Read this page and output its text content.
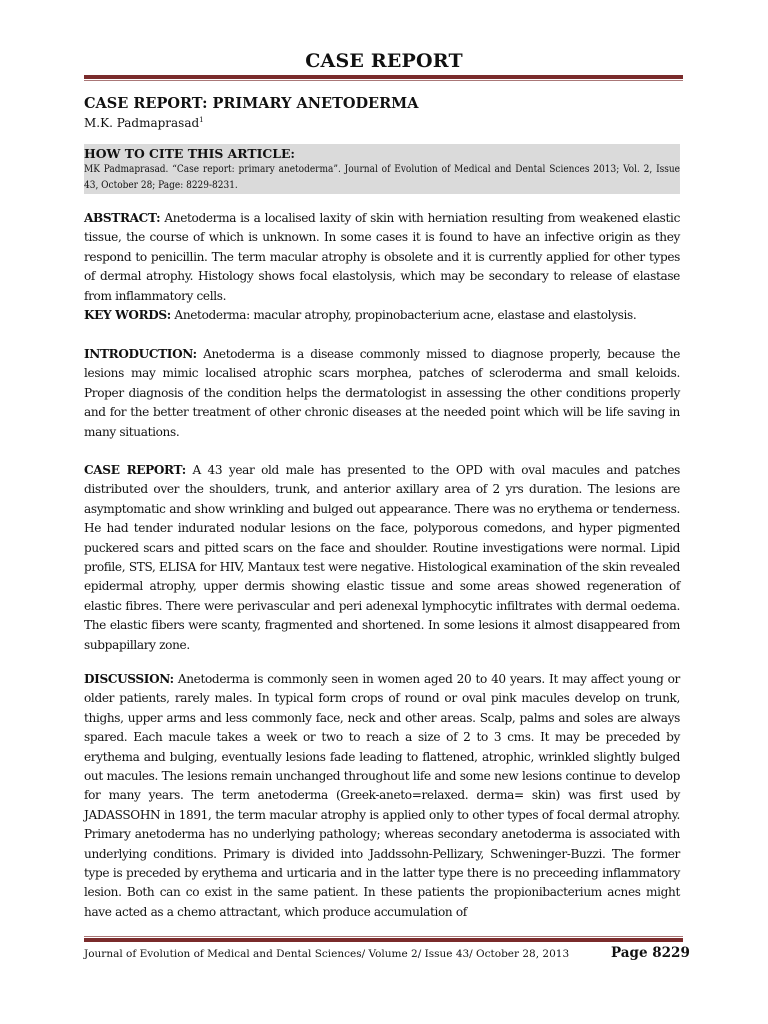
CASE REPORT
CASE REPORT: PRIMARY ANETODERMA
M.K. Padmaprasad$^1$
HOW TO CITE THIS ARTICLE:
MK Padmaprasad. “Case report: primary anetoderma”. Journal of Evolution of Medical and Dental Sciences 2013; Vol. 2, Issue 43, October 28; Page: 8229-8231.
ABSTRACT: Anetoderma is a localised laxity of skin with herniation resulting from weakened elastic tissue, the course of which is unknown. In some cases it is found to have an infective origin as they respond to penicillin. The term macular atrophy is obsolete and it is currently applied for other types of dermal atrophy. Histology shows focal elastolysis, which may be secondary to release of elastase from inflammatory cells.
KEY WORDS: Anetoderma: macular atrophy, propinobacterium acne, elastase and elastolysis.
INTRODUCTION: Anetoderma is a disease commonly missed to diagnose properly, because the lesions may mimic localised atrophic scars morphea, patches of scleroderma and small keloids. Proper diagnosis of the condition helps the dermatologist in assessing the other conditions properly and for the better treatment of other chronic diseases at the needed point which will be life saving in many situations.
CASE REPORT: A 43 year old male has presented to the OPD with oval macules and patches distributed over the shoulders, trunk, and anterior axillary area of 2 yrs duration. The lesions are asymptomatic and show wrinkling and bulged out appearance. There was no erythema or tenderness. He had tender indurated nodular lesions on the face, polyporous comedons, and hyper pigmented puckered scars and pitted scars on the face and shoulder. Routine investigations were normal. Lipid profile, STS, ELISA for HIV, Mantaux test were negative. Histological examination of the skin revealed epidermal atrophy, upper dermis showing elastic tissue and some areas showed regeneration of elastic fibres. There were perivascular and peri adenexal lymphocytic infiltrates with dermal oedema. The elastic fibers were scanty, fragmented and shortened. In some lesions it almost disappeared from subpapillary zone.
DISCUSSION: Anetoderma is commonly seen in women aged 20 to 40 years. It may affect young or older patients, rarely males. In typical form crops of round or oval pink macules develop on trunk, thighs, upper arms and less commonly face, neck and other areas. Scalp, palms and soles are always spared. Each macule takes a week or two to reach a size of 2 to 3 cms. It may be preceded by erythema and bulging, eventually lesions fade leading to flattened, atrophic, wrinkled slightly bulged out macules. The lesions remain unchanged throughout life and some new lesions continue to develop for many years. The term anetoderma (Greek-aneto=relaxed. derma= skin) was first used by JADASSOHN in 1891, the term macular atrophy is applied only to other types of focal dermal atrophy. Primary anetoderma has no underlying pathology; whereas secondary anetoderma is associated with underlying conditions. Primary is divided into Jaddssohn-Pellizary, Schweninger-Buzzi. The former type is preceded by erythema and urticaria and in the latter type there is no preceeding inflammatory lesion. Both can co exist in the same patient. In these patients the propionibacterium acnes might have acted as a chemo attractant, which produce accumulation of
Journal of Evolution of Medical and Dental Sciences/ Volume 2/ Issue 43/ October 28, 2013	Page 8229
